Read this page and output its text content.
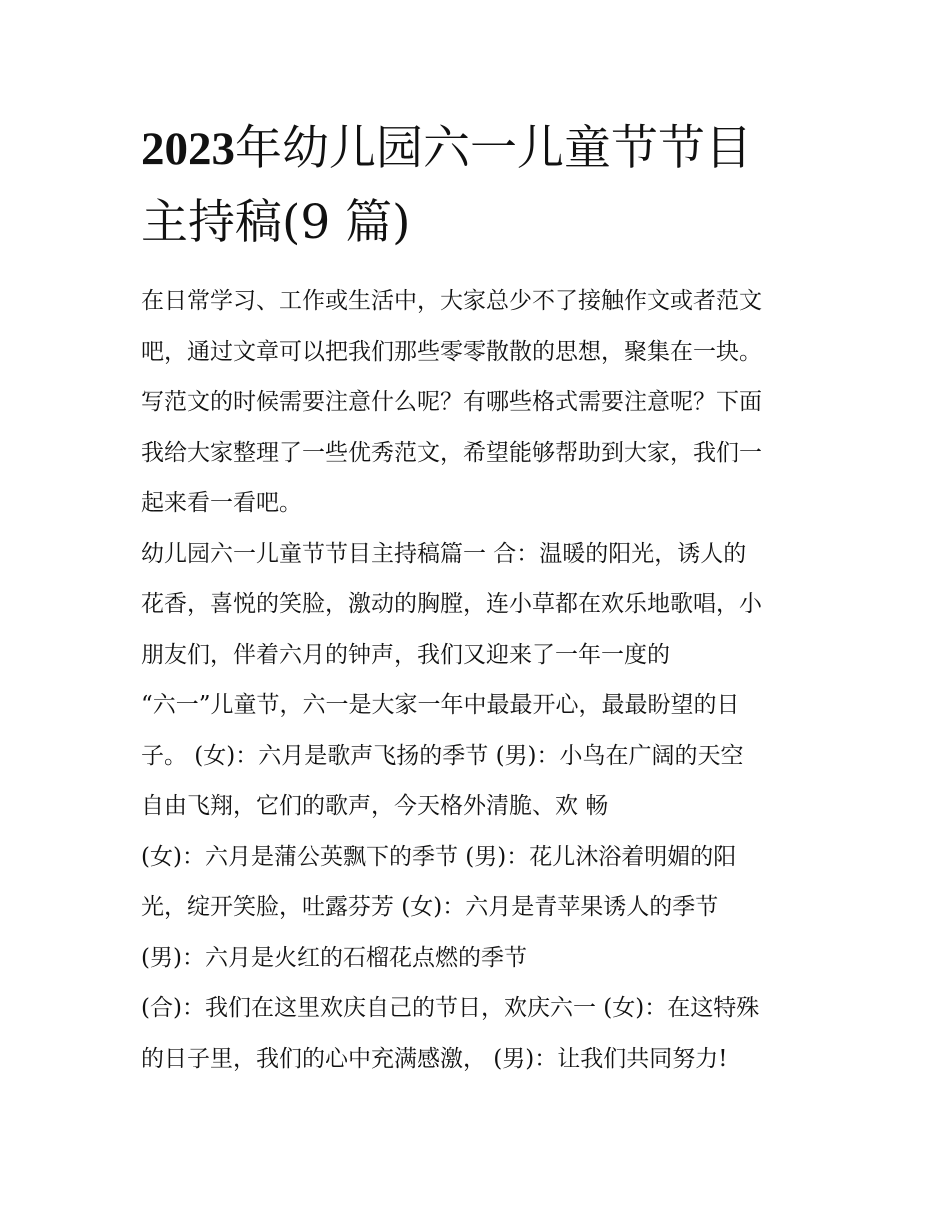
2023年幼儿园六一儿童节节目
主持稿(9 篇)
在日常学习、工作或生活中，大家总少不了接触作文或者范文
吧，通过文章可以把我们那些零零散散的思想，聚集在一块。
写范文的时候需要注意什么呢？有哪些格式需要注意呢？下面
我给大家整理了一些优秀范文，希望能够帮助到大家，我们一
起来看一看吧。
幼儿园六一儿童节节目主持稿篇一 合：温暖的阳光，诱人的
花香，喜悦的笑脸，激动的胸膛，连小草都在欢乐地歌唱，小
朋友们，伴着六月的钟声，我们又迎来了一年一度的
“六一”儿童节，六一是大家一年中最最开心，最最盼望的日
子。 (女)：六月是歌声飞扬的季节 (男)：小鸟在广阔的天空
自由飞翔，它们的歌声，今天格外清脆、欢 畅
(女)：六月是蒲公英飘下的季节 (男)：花儿沐浴着明媚的阳
光，绽开笑脸，吐露芬芳 (女)：六月是青苹果诱人的季节
(男)：六月是火红的石榴花点燃的季节
(合)：我们在这里欢庆自己的节日，欢庆六一 (女)：在这特殊
的日子里，我们的心中充满感激， (男)：让我们共同努力!
